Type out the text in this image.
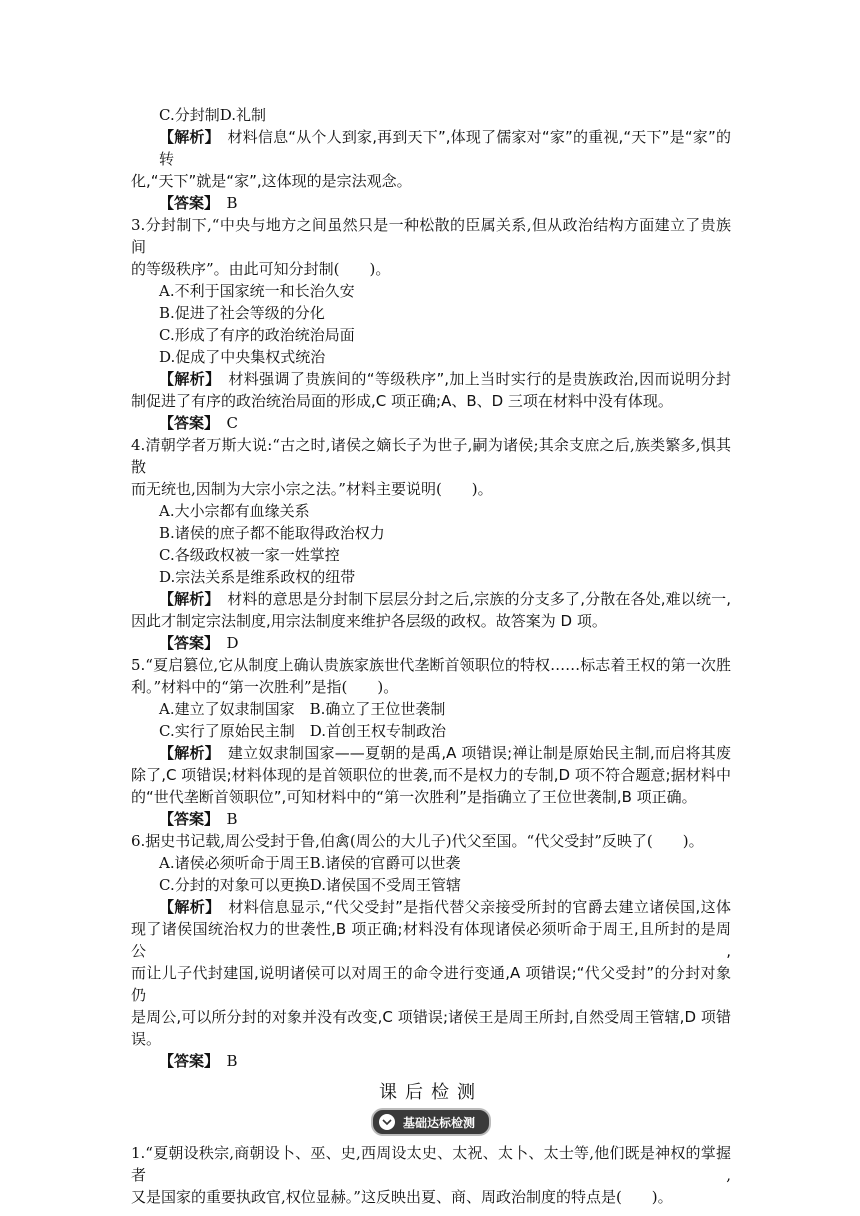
C.分封制D.礼制
【解析】　 材料信息“从个人到家,再到天下”,体现了儒家对“家”的重视,“天下”是“家”的转
化,“天下”就是“家”,这体现的是宗法观念。
【答案】　 B
3.分封制下,“中央与地方之间虽然只是一种松散的臣属关系,但从政治结构方面建立了贵族间
的等级秩序”。由此可知分封制(　　)。
A.不利于国家统一和长治久安
B.促进了社会等级的分化
C.形成了有序的政治统治局面
D.促成了中央集权式统治
【解析】　 材料强调了贵族间的“等级秩序”,加上当时实行的是贵族政治,因而说明分封
制促进了有序的政治统治局面的形成,C 项正确;A、B、D 三项在材料中没有体现。
【答案】　 C
4.清朝学者万斯大说:“古之时,诸侯之嫡长子为世子,嗣为诸侯;其余支庶之后,族类繁多,惧其散
而无统也,因制为大宗小宗之法。”材料主要说明(　　)。
A.大小宗都有血缘关系
B.诸侯的庶子都不能取得政治权力
C.各级政权被一家一姓掌控
D.宗法关系是维系政权的纽带
【解析】　 材料的意思是分封制下层层分封之后,宗族的分支多了,分散在各处,难以统一,
因此才制定宗法制度,用宗法制度来维护各层级的政权。故答案为 D 项。
【答案】　 D
5.“夏启篡位,它从制度上确认贵族家族世代垄断首领职位的特权……标志着王权的第一次胜
利。”材料中的“第一次胜利”是指(　　)。
A.建立了奴隶制国家　B.确立了王位世袭制
C.实行了原始民主制　D.首创王权专制政治
【解析】　 建立奴隶制国家——夏朝的是禹,A 项错误;禅让制是原始民主制,而启将其废
除了,C 项错误;材料体现的是首领职位的世袭,而不是权力的专制,D 项不符合题意;据材料中
的“世代垄断首领职位”,可知材料中的“第一次胜利”是指确立了王位世袭制,B 项正确。
【答案】　 B
6.据史书记载,周公受封于鲁,伯禽(周公的大儿子)代父至国。“代父受封”反映了(　　)。
A.诸侯必须听命于周王B.诸侯的官爵可以世袭
C.分封的对象可以更换D.诸侯国不受周王管辖
【解析】　 材料信息显示,“代父受封”是指代替父亲接受所封的官爵去建立诸侯国,这体
现了诸侯国统治权力的世袭性,B 项正确;材料没有体现诸侯必须听命于周王,且所封的是周公,
而让儿子代封建国,说明诸侯可以对周王的命令进行变通,A 项错误;“代父受封”的分封对象仍
是周公,可以所分封的对象并没有改变,C 项错误;诸侯王是周王所封,自然受周王管辖,D 项错
误。
【答案】　 B
课后检测
基础达标检测
1.“夏朝设秩宗,商朝设卜、巫、史,西周设太史、太祝、太卜、太士等,他们既是神权的掌握者,
又是国家的重要执政官,权位显赫。”这反映出夏、商、周政治制度的特点是(　　)。
